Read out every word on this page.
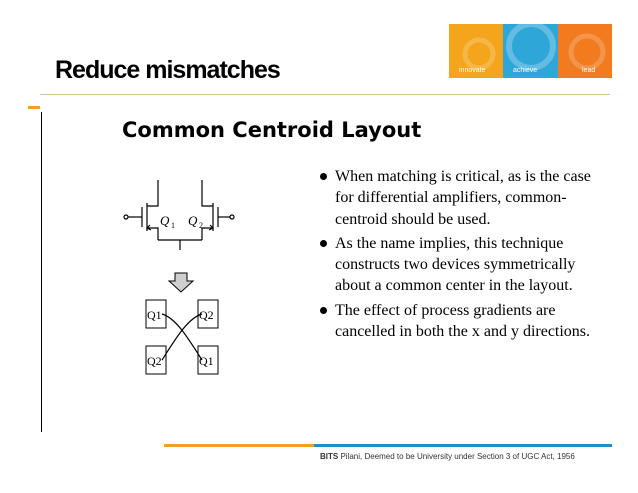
Reduce mismatches	innovate	achieve	lead
Common Centroid Layout
Q 1 Q 2
Q1	Q2
Q2	Q1
When matching is critical, as is the case for differential amplifiers, common-centroid should be used.
As the name implies, this technique constructs two devices symmetrically about a common center in the layout.
The effect of process gradients are cancelled in both the x and y directions.
BITS Pilani, Deemed to be University under Section 3 of UGC Act, 1956
